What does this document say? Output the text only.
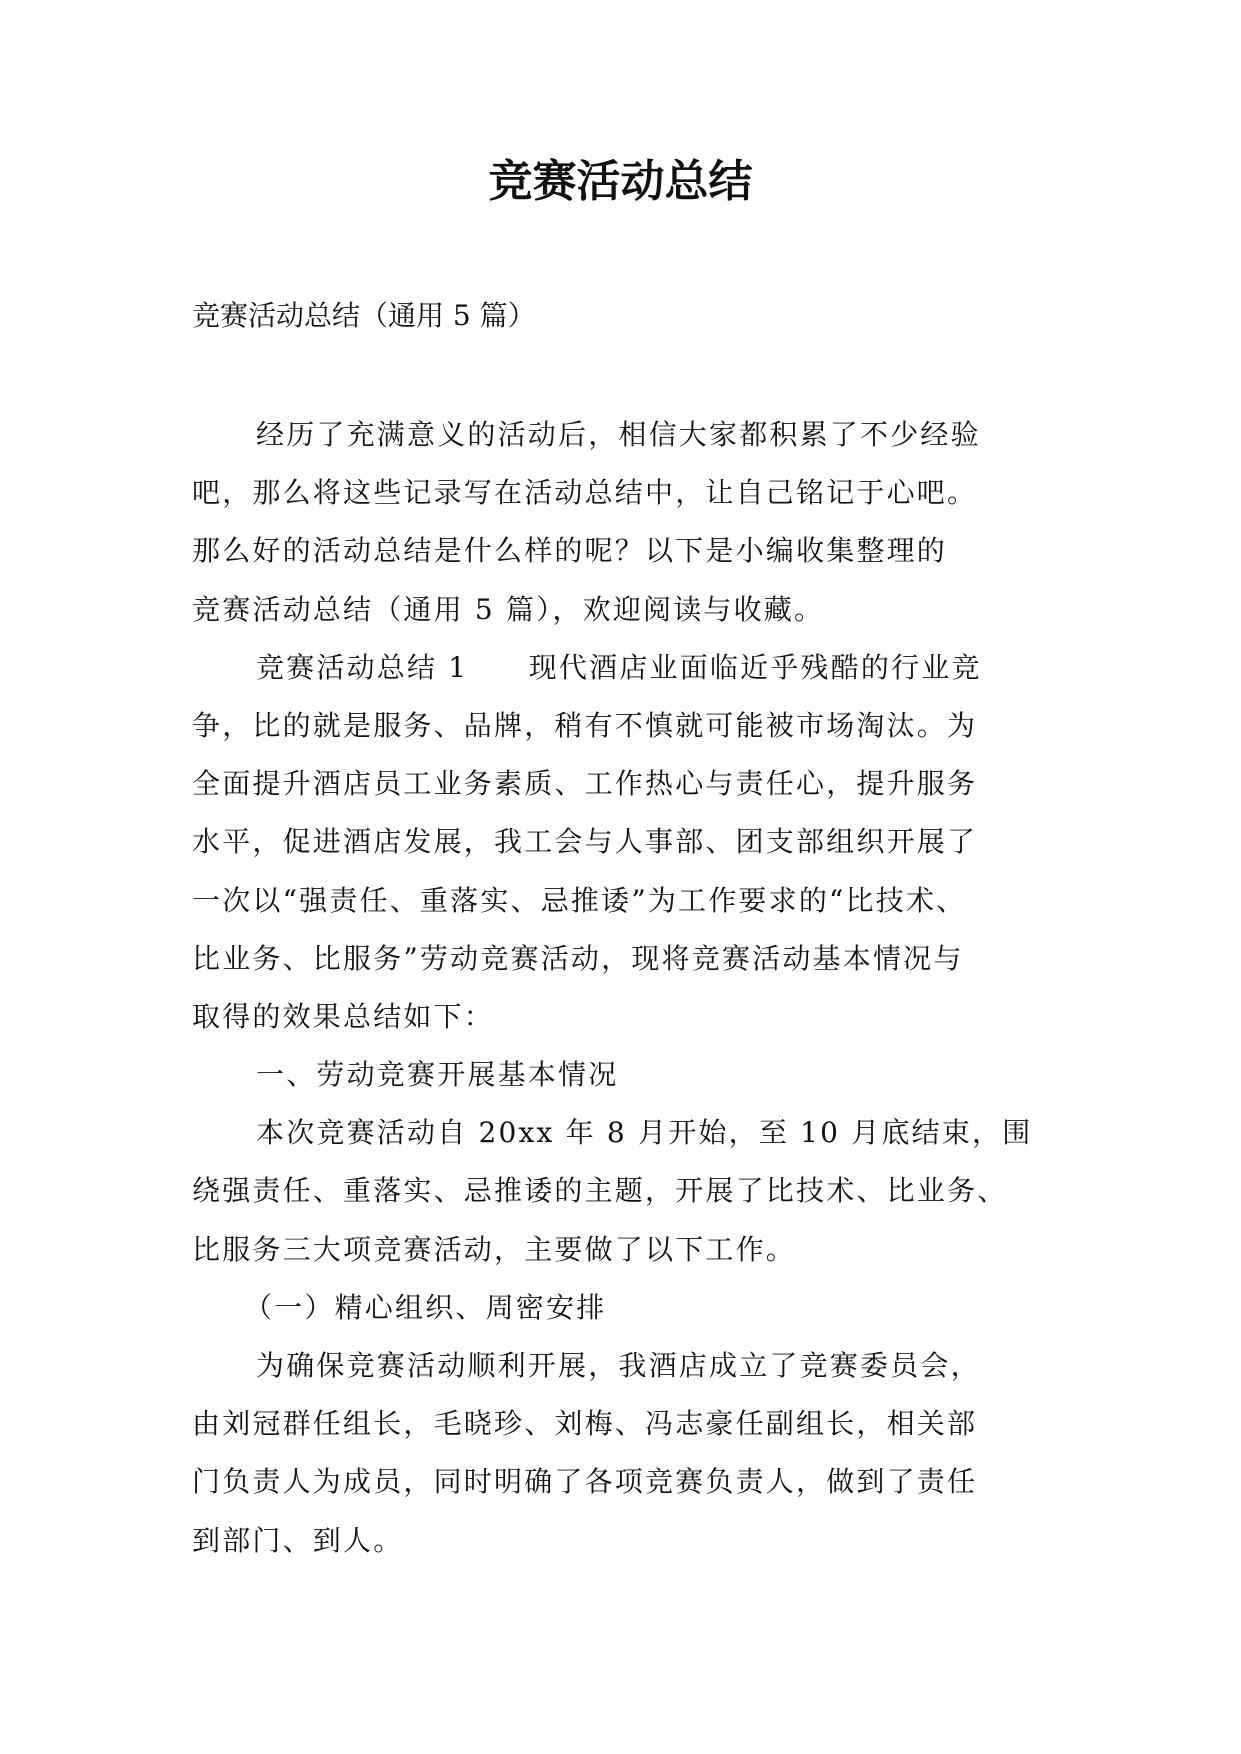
竞赛活动总结

竞赛活动总结（通用 5 篇）

经历了充满意义的活动后，相信大家都积累了不少经验
吧，那么将这些记录写在活动总结中，让自己铭记于心吧。
那么好的活动总结是什么样的呢？以下是小编收集整理的
竞赛活动总结（通用 5 篇），欢迎阅读与收藏。
竞赛活动总结 1　　现代酒店业面临近乎残酷的行业竞
争，比的就是服务、品牌，稍有不慎就可能被市场淘汰。为
全面提升酒店员工业务素质、工作热心与责任心，提升服务
水平，促进酒店发展，我工会与人事部、团支部组织开展了
一次以“强责任、重落实、忌推诿”为工作要求的“比技术、
比业务、比服务”劳动竞赛活动，现将竞赛活动基本情况与
取得的效果总结如下：
一、劳动竞赛开展基本情况
本次竞赛活动自 20xx 年 8 月开始，至 10 月底结束，围
绕强责任、重落实、忌推诿的主题，开展了比技术、比业务、
比服务三大项竞赛活动，主要做了以下工作。
（一）精心组织、周密安排
为确保竞赛活动顺利开展，我酒店成立了竞赛委员会，
由刘冠群任组长，毛晓珍、刘梅、冯志豪任副组长，相关部
门负责人为成员，同时明确了各项竞赛负责人，做到了责任
到部门、到人。
